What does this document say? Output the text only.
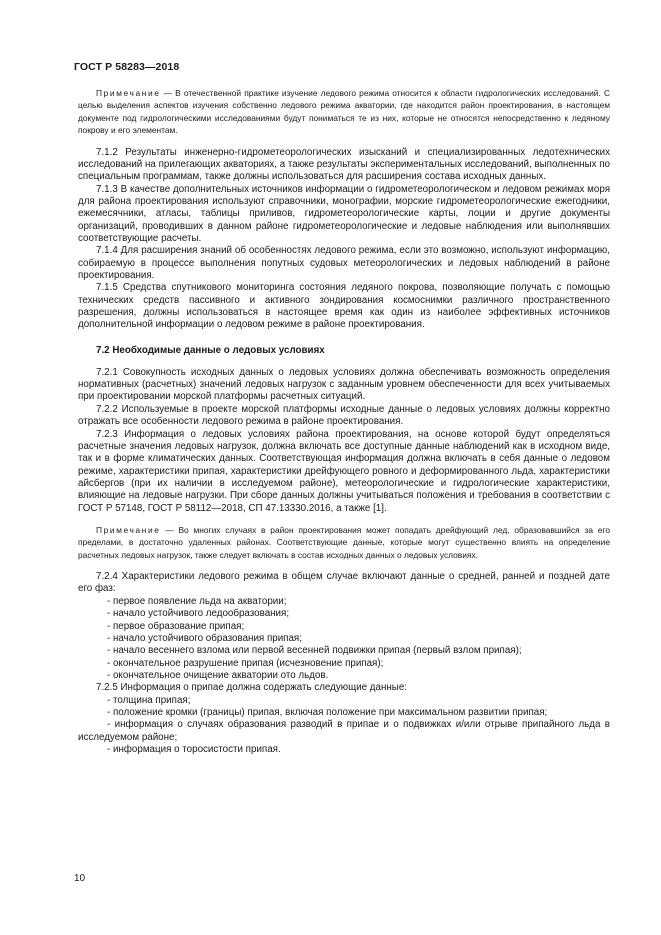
ГОСТ Р 58283—2018

Примечание — В отечественной практике изучение ледового режима относится к области гидрологических исследований. С целью выделения аспектов изучения собственно ледового режима акватории, где находится район проектирования, в настоящем документе под гидрологическими исследованиями будут пониматься те из них, которые не относятся непосредственно к ледяному покрову и его элементам.

7.1.2 Результаты инженерно-гидрометеорологических изысканий и специализированных ледотехнических исследований на прилегающих акваториях, а также результаты экспериментальных исследований, выполненных по специальным программам, также должны использоваться для расширения состава исходных данных.

7.1.3 В качестве дополнительных источников информации о гидрометеорологическом и ледовом режимах моря для района проектирования используют справочники, монографии, морские гидрометеорологические ежегодники, ежемесячники, атласы, таблицы приливов, гидрометеорологические карты, лоции и другие документы организаций, проводивших в данном районе гидрометеорологические и ледовые наблюдения или выполнявших соответствующие расчеты.

7.1.4 Для расширения знаний об особенностях ледового режима, если это возможно, используют информацию, собираемую в процессе выполнения попутных судовых метеорологических и ледовых наблюдений в районе проектирования.

7.1.5 Средства спутникового мониторинга состояния ледяного покрова, позволяющие получать с помощью технических средств пассивного и активного зондирования космоснимки различного пространственного разрешения, должны использоваться в настоящее время как один из наиболее эффективных источников дополнительной информации о ледовом режиме в районе проектирования.

7.2 Необходимые данные о ледовых условиях

7.2.1 Совокупность исходных данных о ледовых условиях должна обеспечивать возможность определения нормативных (расчетных) значений ледовых нагрузок с заданным уровнем обеспеченности для всех учитываемых при проектировании морской платформы расчетных ситуаций.

7.2.2 Используемые в проекте морской платформы исходные данные о ледовых условиях должны корректно отражать все особенности ледового режима в районе проектирования.

7.2.3 Информация о ледовых условиях района проектирования, на основе которой будут определяться расчетные значения ледовых нагрузок, должна включать все доступные данные наблюдений как в исходном виде, так и в форме климатических данных. Соответствующая информация должна включать в себя данные о ледовом режиме, характеристики припая, характеристики дрейфующего ровного и деформированного льда, характеристики айсбергов (при их наличии в исследуемом районе), метеорологические и гидрологические характеристики, влияющие на ледовые нагрузки. При сборе данных должны учитываться положения и требования в соответствии с ГОСТ Р 57148, ГОСТ Р 58112—2018, СП 47.13330.2016, а также [1].

Примечание — Во многих случаях в район проектирования может попадать дрейфующий лед, образовавшийся за его пределами, в достаточно удаленных районах. Соответствующие данные, которые могут существенно влиять на определение расчетных ледовых нагрузок, также следует включать в состав исходных данных о ледовых условиях.

7.2.4 Характеристики ледового режима в общем случае включают данные о средней, ранней и поздней дате его фаз:

- первое появление льда на акватории;

- начало устойчивого ледообразования;

- первое образование припая;

- начало устойчивого образования припая;

- начало весеннего взлома или первой весенней подвижки припая (первый взлом припая);

- окончательное разрушение припая (исчезновение припая);

- окончательное очищение акватории ото льдов.

7.2.5 Информация о припае должна содержать следующие данные:

- толщина припая;

- положение кромки (границы) припая, включая положение при максимальном развитии припая;

- информация о случаях образования разводий в припае и о подвижках и/или отрыве припайного льда в исследуемом районе;

- информация о торосистости припая.

10
